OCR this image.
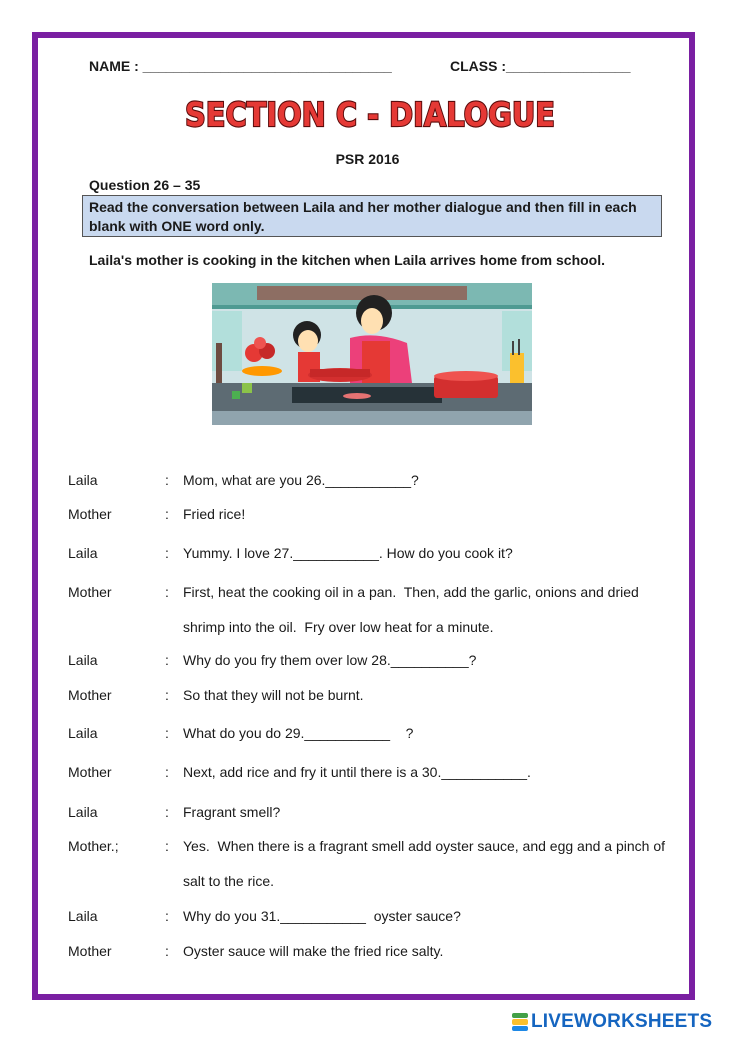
NAME : ________________________________	CLASS :________________
SECTION C - DIALOGUE
PSR 2016
Question 26 – 35
Read the conversation between Laila and her mother dialogue and then fill in each blank with ONE word only.
Laila's mother is cooking in the kitchen when Laila arrives home from school.
Laila	: Mom, what are you 26.___________?
Mother	: Fried rice!
Laila	: Yummy. I love 27.___________. How do you cook it?
Mother	: First, heat the cooking oil in a pan.  Then, add the garlic, onions and dried
shrimp into the oil.  Fry over low heat for a minute.
Laila	: Why do you fry them over low 28.__________?
Mother	: So that they will not be burnt.
Laila	: What do you do 29.___________    ?
Mother	: Next, add rice and fry it until there is a 30.___________.
Laila	: Fragrant smell?
Mother.;	: Yes.  When there is a fragrant smell add oyster sauce, and egg and a pinch of
salt to the rice.
Laila	: Why do you 31.___________  oyster sauce?
Mother	: Oyster sauce will make the fried rice salty.
LIVEWORKSHEETS
